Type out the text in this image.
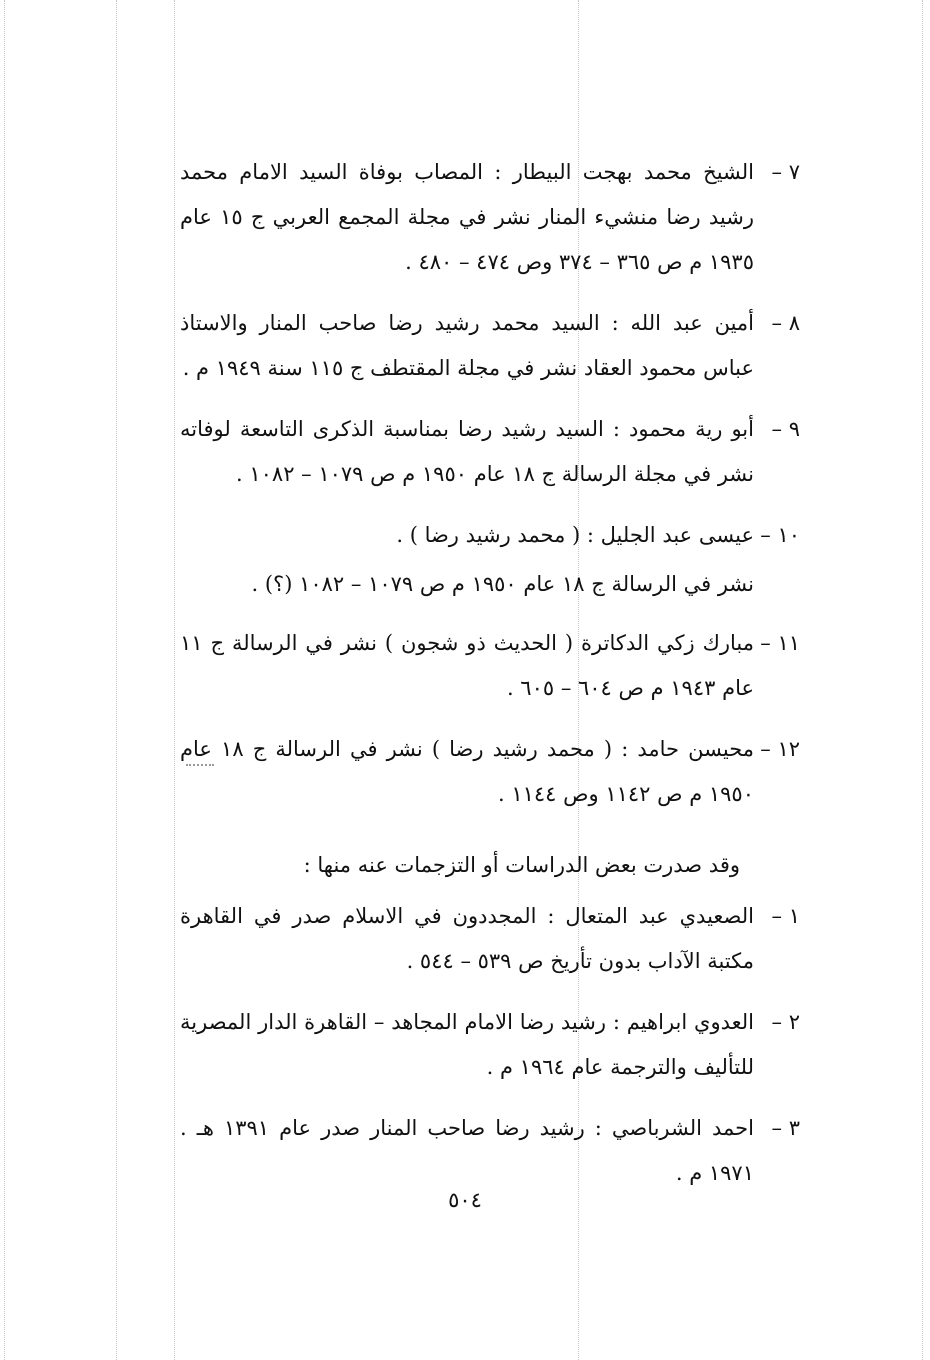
٧ –
الشيخ محمد بهجت البيطار : المصاب بوفاة السيد الامام محمد رشيد رضا منشيء المنار نشر في مجلة المجمع العربي ج ١٥ عام ١٩٣٥ م ص ٣٦٥ – ٣٧٤ وص ٤٧٤ – ٤٨٠ .
٨ –
أمين عبد الله : السيد محمد رشيد رضا صاحب المنار والاستاذ عباس محمود العقاد نشر في مجلة المقتطف ج ١١٥ سنة ١٩٤٩ م .
٩ –
أبو رية محمود : السيد رشيد رضا بمناسبة الذكرى التاسعة لوفاته نشر في مجلة الرسالة ج ١٨ عام ١٩٥٠ م ص ١٠٧٩ – ١٠٨٢ .
١٠ –
عيسى عبد الجليل : ( محمد رشيد رضا ) .
نشر في الرسالة ج ١٨ عام ١٩٥٠ م ص ١٠٧٩ – ١٠٨٢ (؟) .
١١ –
مبارك زكي الدكاترة ( الحديث ذو شجون ) نشر في الرسالة ج ١١ عام ١٩٤٣ م ص ٦٠٤ – ٦٠٥ .
١٢ –
محيسن حامد : ( محمد رشيد رضا ) نشر في الرسالة ج ١٨ عام ١٩٥٠ م ص ١١٤٢ وص ١١٤٤ .
وقد صدرت بعض الدراسات أو التزجمات عنه منها :
١ –
الصعيدي عبد المتعال : المجددون في الاسلام صدر في القاهرة مكتبة الآداب بدون تأريخ ص ٥٣٩ – ٥٤٤ .
٢ –
العدوي ابراهيم : رشيد رضا الامام المجاهد – القاهرة الدار المصرية للتأليف والترجمة عام ١٩٦٤ م .
٣ –
احمد الشرباصي : رشيد رضا صاحب المنار صدر عام ١٣٩١ هـ . ١٩٧١ م .
٥٠٤
